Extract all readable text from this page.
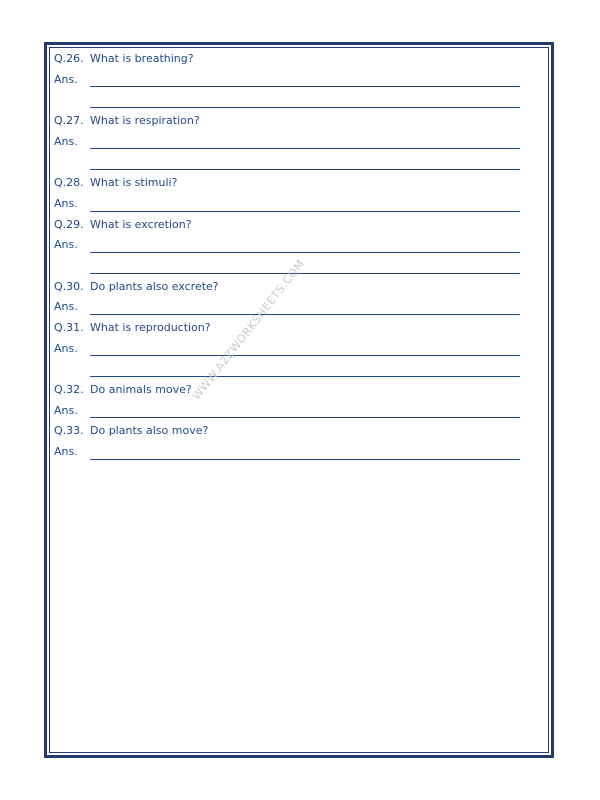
Q.26. What is breathing?
Ans.
Q.27. What is respiration?
Ans.
Q.28. What is stimuli?
Ans.
Q.29. What is excretion?
Ans.
Q.30. Do plants also excrete?
Ans.
Q.31. What is reproduction?
Ans.
Q.32. Do animals move?
Ans.
Q.33. Do plants also move?
Ans.
WWW.A2ZWORKSHEETS.COM
